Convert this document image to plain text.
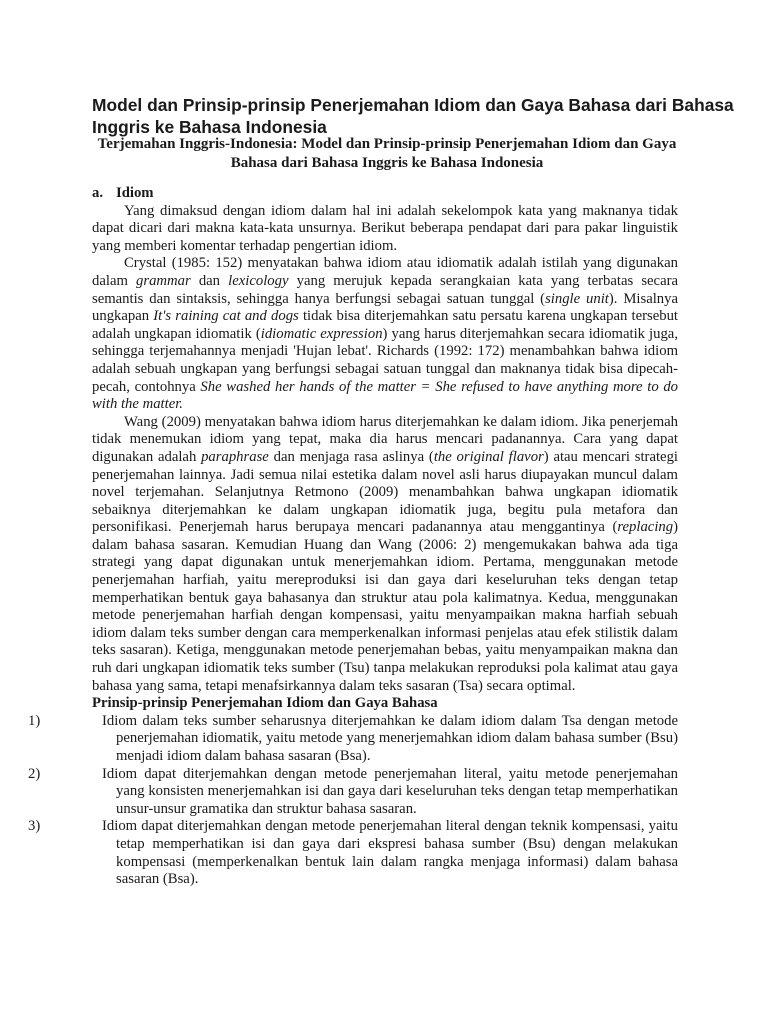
Model dan Prinsip-prinsip Penerjemahan Idiom dan Gaya Bahasa dari Bahasa Inggris ke Bahasa Indonesia

Terjemahan Inggris-Indonesia: Model dan Prinsip-prinsip Penerjemahan Idiom dan Gaya
Bahasa dari Bahasa Inggris ke Bahasa Indonesia

a. Idiom

Yang dimaksud dengan idiom dalam hal ini adalah sekelompok kata yang maknanya tidak dapat dicari dari makna kata-kata unsurnya. Berikut beberapa pendapat dari para pakar linguistik yang memberi komentar terhadap pengertian idiom.

Crystal (1985: 152) menyatakan bahwa idiom atau idiomatik adalah istilah yang digunakan dalam grammar dan lexicology yang merujuk kepada serangkaian kata yang terbatas secara semantis dan sintaksis, sehingga hanya berfungsi sebagai satuan tunggal (single unit). Misalnya ungkapan It's raining cat and dogs tidak bisa diterjemahkan satu persatu karena ungkapan tersebut adalah ungkapan idiomatik (idiomatic expression) yang harus diterjemahkan secara idiomatik juga, sehingga terjemahannya menjadi 'Hujan lebat'. Richards (1992: 172) menambahkan bahwa idiom adalah sebuah ungkapan yang berfungsi sebagai satuan tunggal dan maknanya tidak bisa dipecah-pecah, contohnya She washed her hands of the matter = She refused to have anything more to do with the matter.

Wang (2009) menyatakan bahwa idiom harus diterjemahkan ke dalam idiom. Jika penerjemah tidak menemukan idiom yang tepat, maka dia harus mencari padanannya. Cara yang dapat digunakan adalah paraphrase dan menjaga rasa aslinya (the original flavor) atau mencari strategi penerjemahan lainnya. Jadi semua nilai estetika dalam novel asli harus diupayakan muncul dalam novel terjemahan. Selanjutnya Retmono (2009) menambahkan bahwa ungkapan idiomatik sebaiknya diterjemahkan ke dalam ungkapan idiomatik juga, begitu pula metafora dan personifikasi. Penerjemah harus berupaya mencari padanannya atau menggantinya (replacing) dalam bahasa sasaran. Kemudian Huang dan Wang (2006: 2) mengemukakan bahwa ada tiga strategi yang dapat digunakan untuk menerjemahkan idiom. Pertama, menggunakan metode penerjemahan harfiah, yaitu mereproduksi isi dan gaya dari keseluruhan teks dengan tetap memperhatikan bentuk gaya bahasanya dan struktur atau pola kalimatnya. Kedua, menggunakan metode penerjemahan harfiah dengan kompensasi, yaitu menyampaikan makna harfiah sebuah idiom dalam teks sumber dengan cara memperkenalkan informasi penjelas atau efek stilistik dalam teks sasaran). Ketiga, menggunakan metode penerjemahan bebas, yaitu menyampaikan makna dan ruh dari ungkapan idiomatik teks sumber (Tsu) tanpa melakukan reproduksi pola kalimat atau gaya bahasa yang sama, tetapi menafsirkannya dalam teks sasaran (Tsa) secara optimal.

Prinsip-prinsip Penerjemahan Idiom dan Gaya Bahasa

1)	Idiom dalam teks sumber seharusnya diterjemahkan ke dalam idiom dalam Tsa dengan metode penerjemahan idiomatik, yaitu metode yang menerjemahkan idiom dalam bahasa sumber (Bsu) menjadi idiom dalam bahasa sasaran (Bsa).
2)	Idiom dapat diterjemahkan dengan metode penerjemahan literal, yaitu metode penerjemahan yang konsisten menerjemahkan isi dan gaya dari keseluruhan teks dengan tetap memperhatikan unsur-unsur gramatika dan struktur bahasa sasaran.
3)	Idiom dapat diterjemahkan dengan metode penerjemahan literal dengan teknik kompensasi, yaitu tetap memperhatikan isi dan gaya dari ekspresi bahasa sumber (Bsu) dengan melakukan kompensasi (memperkenalkan bentuk lain dalam rangka menjaga informasi) dalam bahasa sasaran (Bsa).
